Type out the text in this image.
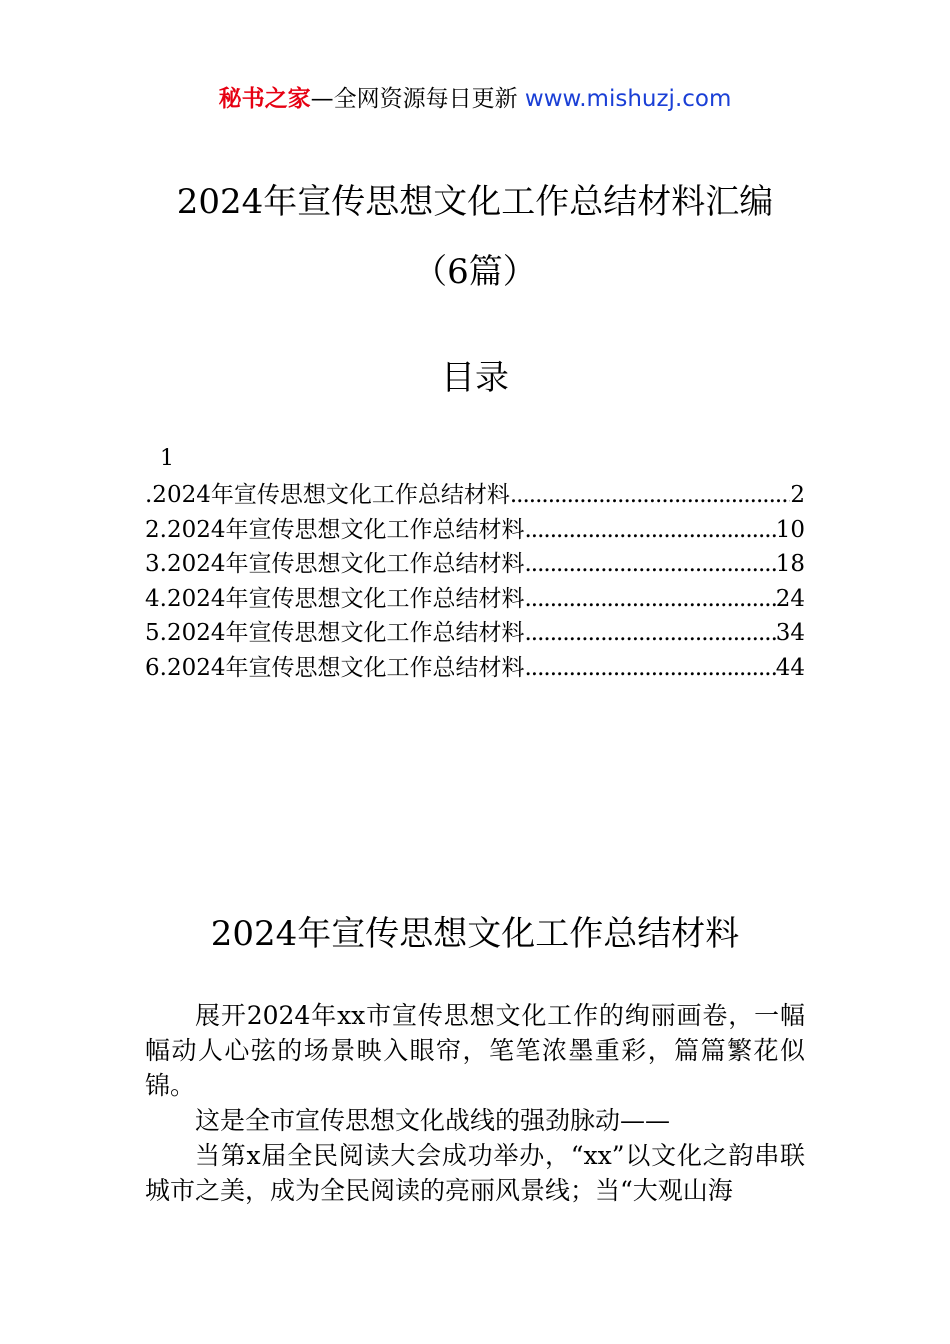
秘书之家—全网资源每日更新 www.mishuzj.com
2024年宣传思想文化工作总结材料汇编
（6篇）
目录
1
.2024年宣传思想文化工作总结材料 .....	2
2.2024年宣传思想文化工作总结材料 .....	10
3.2024年宣传思想文化工作总结材料 .....	18
4.2024年宣传思想文化工作总结材料 .....	24
5.2024年宣传思想文化工作总结材料 .....	34
6.2024年宣传思想文化工作总结材料 .....	44
2024年宣传思想文化工作总结材料

展开2024年xx市宣传思想文化工作的绚丽画卷，一幅幅动人心弦的场景映入眼帘，笔笔浓墨重彩，篇篇繁花似锦。

这是全市宣传思想文化战线的强劲脉动——

当第x届全民阅读大会成功举办，“xx”以文化之韵串联城市之美，成为全民阅读的亮丽风景线；当“大观山海
